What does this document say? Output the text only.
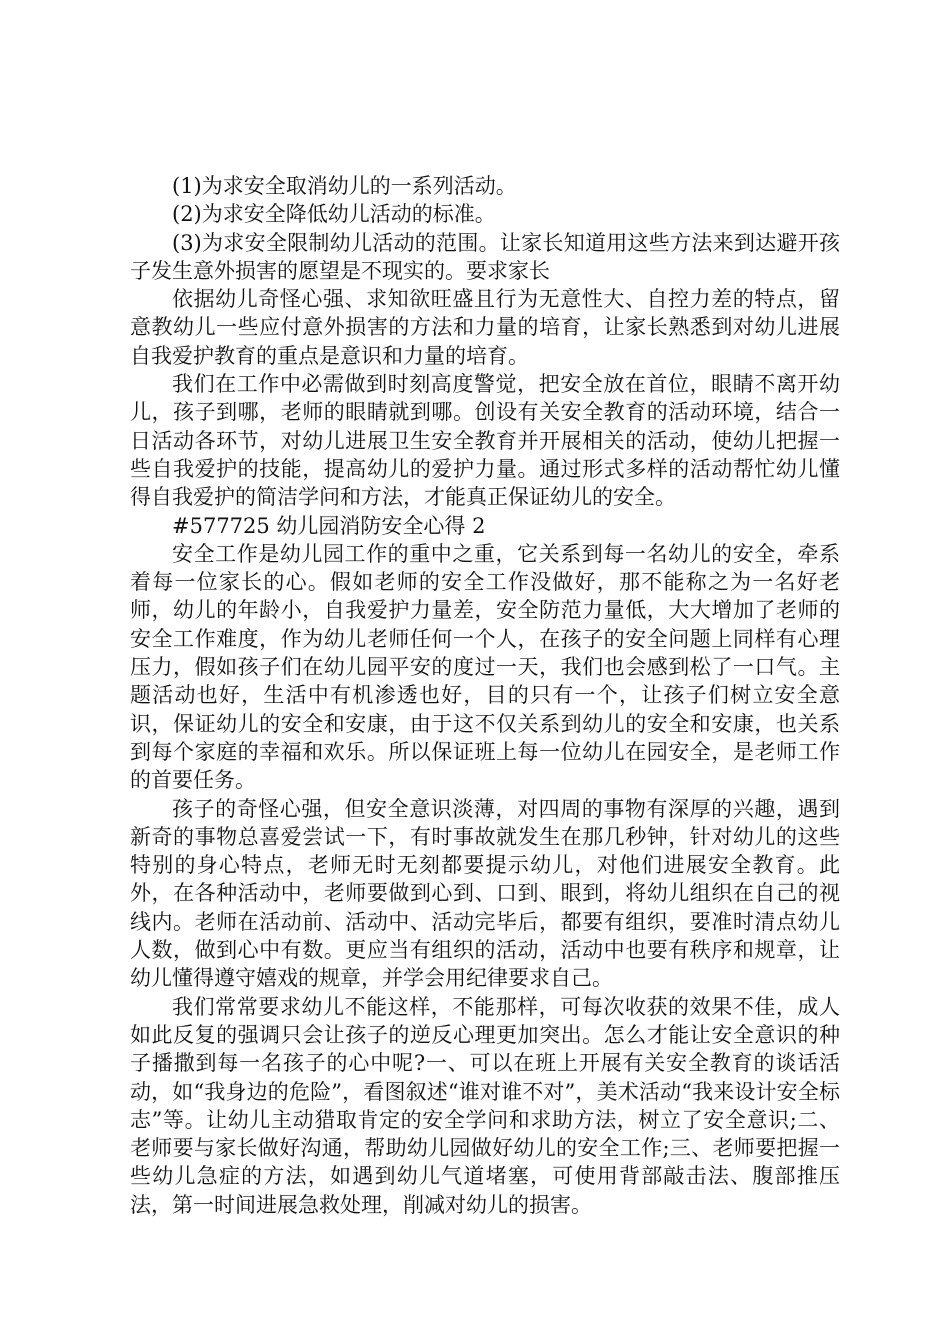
(1)为求安全取消幼儿的一系列活动。

(2)为求安全降低幼儿活动的标准。

(3)为求安全限制幼儿活动的范围。让家长知道用这些方法来到达避开孩子发生意外损害的愿望是不现实的。要求家长

依据幼儿奇怪心强、求知欲旺盛且行为无意性大、自控力差的特点，留意教幼儿一些应付意外损害的方法和力量的培育，让家长熟悉到对幼儿进展自我爱护教育的重点是意识和力量的培育。

我们在工作中必需做到时刻高度警觉，把安全放在首位，眼睛不离开幼儿，孩子到哪，老师的眼睛就到哪。创设有关安全教育的活动环境，结合一日活动各环节，对幼儿进展卫生安全教育并开展相关的活动，使幼儿把握一些自我爱护的技能，提高幼儿的爱护力量。通过形式多样的活动帮忙幼儿懂得自我爱护的简洁学问和方法，才能真正保证幼儿的安全。

#577725 幼儿园消防安全心得 2

安全工作是幼儿园工作的重中之重，它关系到每一名幼儿的安全，牵系着每一位家长的心。假如老师的安全工作没做好，那不能称之为一名好老师，幼儿的年龄小，自我爱护力量差，安全防范力量低，大大增加了老师的安全工作难度，作为幼儿老师任何一个人，在孩子的安全问题上同样有心理压力，假如孩子们在幼儿园平安的度过一天，我们也会感到松了一口气。主题活动也好，生活中有机渗透也好，目的只有一个，让孩子们树立安全意识，保证幼儿的安全和安康，由于这不仅关系到幼儿的安全和安康，也关系到每个家庭的幸福和欢乐。所以保证班上每一位幼儿在园安全，是老师工作的首要任务。

孩子的奇怪心强，但安全意识淡薄，对四周的事物有深厚的兴趣，遇到新奇的事物总喜爱尝试一下，有时事故就发生在那几秒钟，针对幼儿的这些特别的身心特点，老师无时无刻都要提示幼儿，对他们进展安全教育。此外，在各种活动中，老师要做到心到、口到、眼到，将幼儿组织在自己的视线内。老师在活动前、活动中、活动完毕后，都要有组织，要准时清点幼儿人数，做到心中有数。更应当有组织的活动，活动中也要有秩序和规章，让幼儿懂得遵守嬉戏的规章，并学会用纪律要求自己。

我们常常要求幼儿不能这样，不能那样，可每次收获的效果不佳，成人如此反复的强调只会让孩子的逆反心理更加突出。怎么才能让安全意识的种子播撒到每一名孩子的心中呢?一、可以在班上开展有关安全教育的谈话活动，如“我身边的危险”，看图叙述“谁对谁不对”，美术活动“我来设计安全标志”等。让幼儿主动猎取肯定的安全学问和求助方法，树立了安全意识;二、老师要与家长做好沟通，帮助幼儿园做好幼儿的安全工作;三、老师要把握一些幼儿急症的方法，如遇到幼儿气道堵塞，可使用背部敲击法、腹部推压法，第一时间进展急救处理，削减对幼儿的损害。
